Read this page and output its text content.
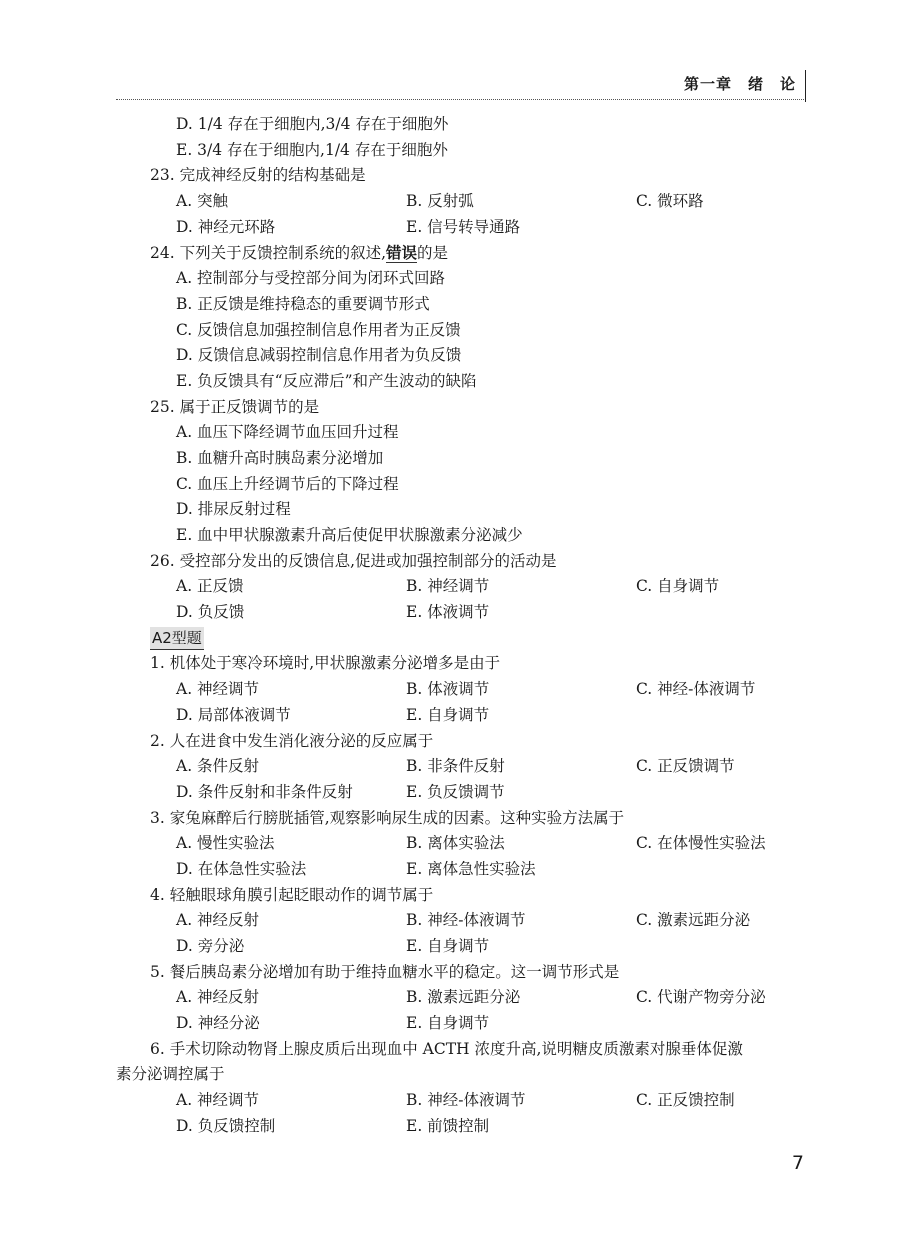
第一章　绪　论
D. 1/4 存在于细胞内,3/4 存在于细胞外
E. 3/4 存在于细胞内,1/4 存在于细胞外
23. 完成神经反射的结构基础是
A. 突触	B. 反射弧	C. 微环路
D. 神经元环路	E. 信号转导通路
24. 下列关于反馈控制系统的叙述,错误的是
A. 控制部分与受控部分间为闭环式回路
B. 正反馈是维持稳态的重要调节形式
C. 反馈信息加强控制信息作用者为正反馈
D. 反馈信息减弱控制信息作用者为负反馈
E. 负反馈具有“反应滞后”和产生波动的缺陷
25. 属于正反馈调节的是
A. 血压下降经调节血压回升过程
B. 血糖升高时胰岛素分泌增加
C. 血压上升经调节后的下降过程
D. 排尿反射过程
E. 血中甲状腺激素升高后使促甲状腺激素分泌减少
26. 受控部分发出的反馈信息,促进或加强控制部分的活动是
A. 正反馈	B. 神经调节	C. 自身调节
D. 负反馈	E. 体液调节
A2型题
1. 机体处于寒冷环境时,甲状腺激素分泌增多是由于
A. 神经调节	B. 体液调节	C. 神经-体液调节
D. 局部体液调节	E. 自身调节
2. 人在进食中发生消化液分泌的反应属于
A. 条件反射	B. 非条件反射	C. 正反馈调节
D. 条件反射和非条件反射	E. 负反馈调节
3. 家兔麻醉后行膀胱插管,观察影响尿生成的因素。这种实验方法属于
A. 慢性实验法	B. 离体实验法	C. 在体慢性实验法
D. 在体急性实验法	E. 离体急性实验法
4. 轻触眼球角膜引起眨眼动作的调节属于
A. 神经反射	B. 神经-体液调节	C. 激素远距分泌
D. 旁分泌	E. 自身调节
5. 餐后胰岛素分泌增加有助于维持血糖水平的稳定。这一调节形式是
A. 神经反射	B. 激素远距分泌	C. 代谢产物旁分泌
D. 神经分泌	E. 自身调节
6. 手术切除动物肾上腺皮质后出现血中 ACTH 浓度升高,说明糖皮质激素对腺垂体促激
素分泌调控属于
A. 神经调节	B. 神经-体液调节	C. 正反馈控制
D. 负反馈控制	E. 前馈控制
7
